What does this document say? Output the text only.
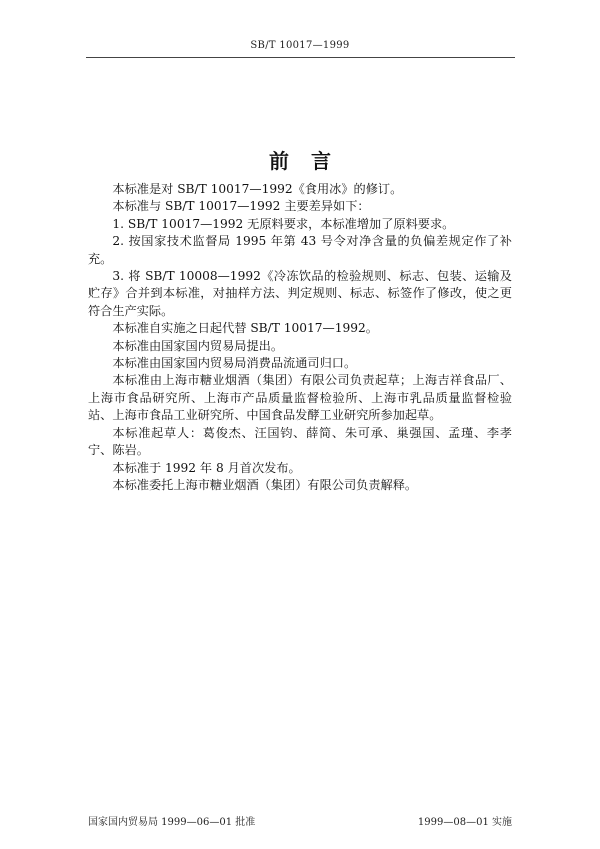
SB/T 10017—1999
前言

本标准是对 SB/T 10017—1992《食用冰》的修订。

本标准与 SB/T 10017—1992 主要差异如下：

1. SB/T 10017—1992 无原料要求，本标准增加了原料要求。

2. 按国家技术监督局 1995 年第 43 号令对净含量的负偏差规定作了补充。

3. 将 SB/T 10008—1992《冷冻饮品的检验规则、标志、包装、运输及贮存》合并到本标准，对抽样方法、判定规则、标志、标签作了修改，使之更符合生产实际。

本标准自实施之日起代替 SB/T 10017—1992。

本标准由国家国内贸易局提出。

本标准由国家国内贸易局消费品流通司归口。

本标准由上海市糖业烟酒（集团）有限公司负责起草；上海吉祥食品厂、上海市食品研究所、上海市产品质量监督检验所、上海市乳品质量监督检验站、上海市食品工业研究所、中国食品发酵工业研究所参加起草。

本标准起草人：葛俊杰、汪国钧、薛简、朱可承、巢强国、孟瑾、李孝宁、陈岩。

本标准于 1992 年 8 月首次发布。

本标准委托上海市糖业烟酒（集团）有限公司负责解释。

国家国内贸易局 1999—06—01 批准	1999—08—01 实施
